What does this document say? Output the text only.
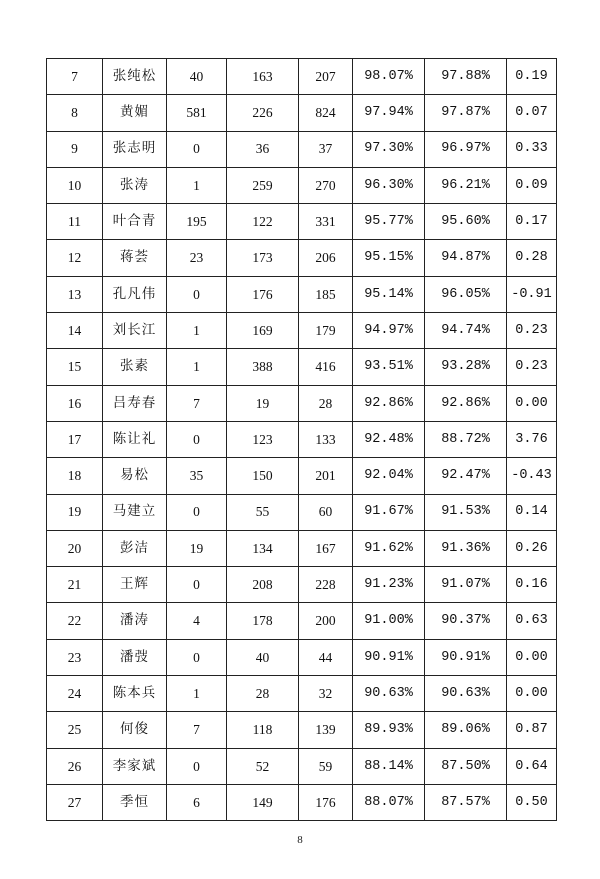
7	张纯松	40	163	207	98.07%	97.88%	0.19
8	黄媚	581	226	824	97.94%	97.87%	0.07
9	张志明	0	36	37	97.30%	96.97%	0.33
10	张涛	1	259	270	96.30%	96.21%	0.09
11	叶合青	195	122	331	95.77%	95.60%	0.17
12	蒋荟	23	173	206	95.15%	94.87%	0.28
13	孔凡伟	0	176	185	95.14%	96.05%	-0.91
14	刘长江	1	169	179	94.97%	94.74%	0.23
15	张素	1	388	416	93.51%	93.28%	0.23
16	吕寿春	7	19	28	92.86%	92.86%	0.00
17	陈让礼	0	123	133	92.48%	88.72%	3.76
18	易松	35	150	201	92.04%	92.47%	-0.43
19	马建立	0	55	60	91.67%	91.53%	0.14
20	彭洁	19	134	167	91.62%	91.36%	0.26
21	王辉	0	208	228	91.23%	91.07%	0.16
22	潘涛	4	178	200	91.00%	90.37%	0.63
23	潘弢	0	40	44	90.91%	90.91%	0.00
24	陈本兵	1	28	32	90.63%	90.63%	0.00
25	何俊	7	118	139	89.93%	89.06%	0.87
26	李家斌	0	52	59	88.14%	87.50%	0.64
27	季恒	6	149	176	88.07%	87.57%	0.50
8
